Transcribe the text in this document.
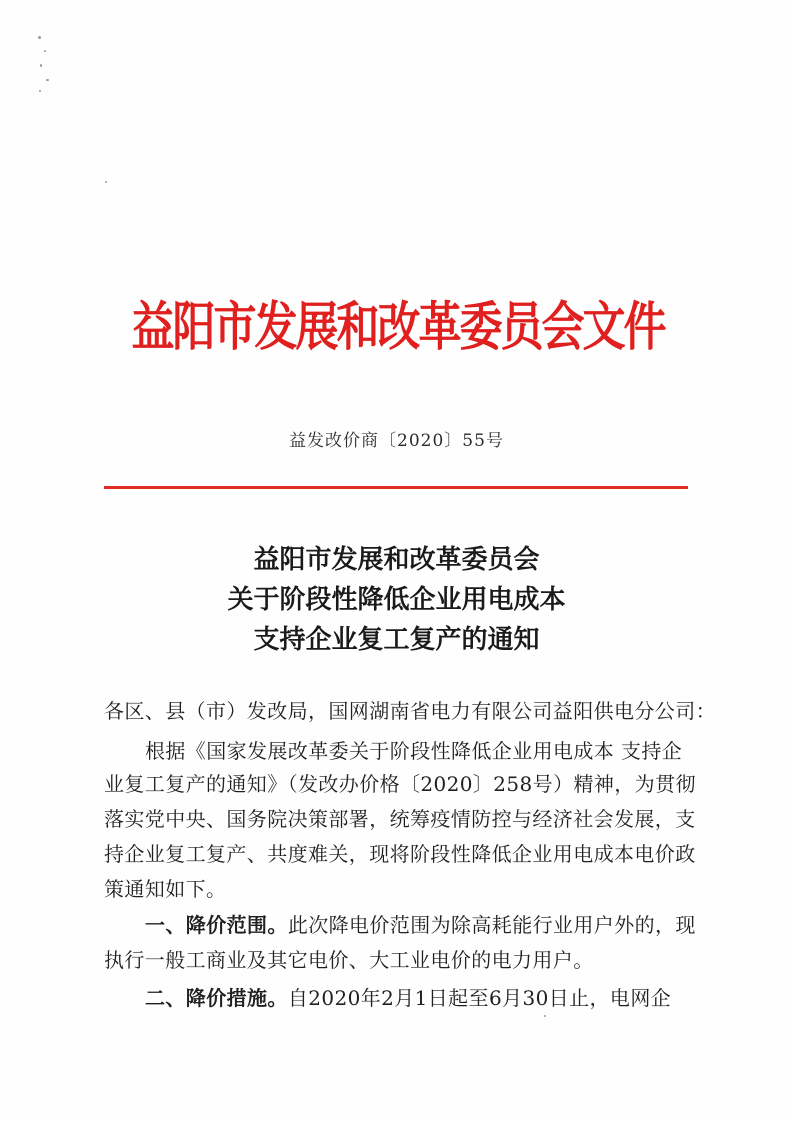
益阳市发展和改革委员会文件
益发改价商〔2020〕55号
益阳市发展和改革委员会
关于阶段性降低企业用电成本
支持企业复工复产的通知
各区、县（市）发改局，国网湖南省电力有限公司益阳供电分公司：
根据《国家发展改革委关于阶段性降低企业用电成本 支持企
业复工复产的通知》（发改办价格〔2020〕258号）精神，为贯彻
落实党中央、国务院决策部署，统筹疫情防控与经济社会发展，支
持企业复工复产、共度难关，现将阶段性降低企业用电成本电价政
策通知如下。
一、降价范围。此次降电价范围为除高耗能行业用户外的，现
执行一般工商业及其它电价、大工业电价的电力用户。
二、降价措施。自2020年2月1日起至6月30日止，电网企
